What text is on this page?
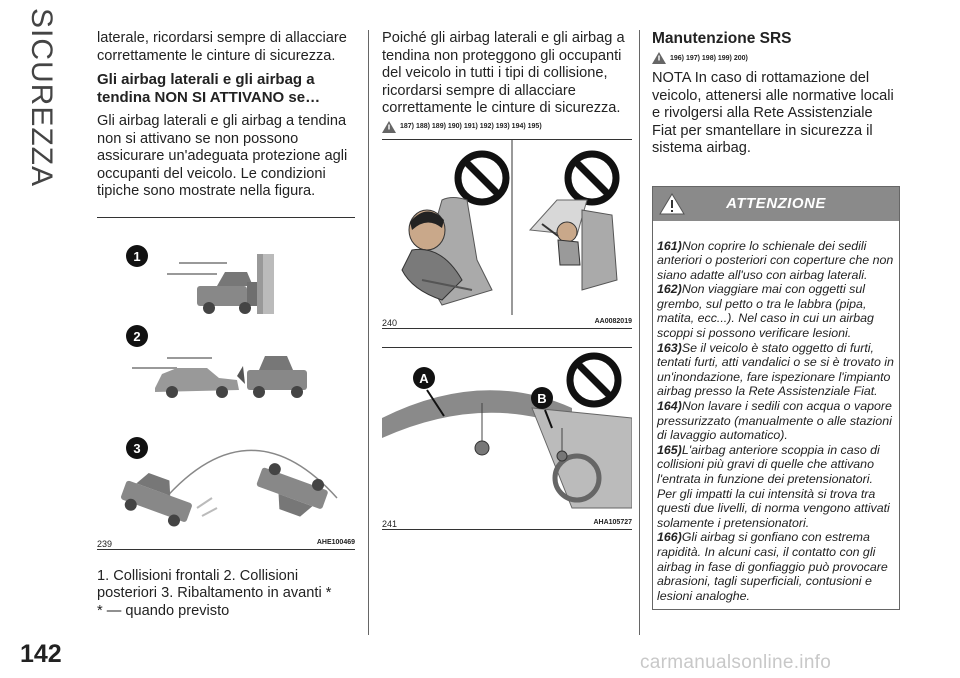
SICUREZZA
142

laterale, ricordarsi sempre di allacciare correttamente le cinture di sicurezza.

Gli airbag laterali e gli airbag a tendina NON SI ATTIVANO se…

Gli airbag laterali e gli airbag a tendina non si attivano se non possono assicurare un'adeguata protezione agli occupanti del veicolo. Le condizioni tipiche sono mostrate nella figura.

1
2
3
239	AHE100469

1. Collisioni frontali 2. Collisioni posteriori 3. Ribaltamento in avanti *

* — quando previsto

Poiché gli airbag laterali e gli airbag a tendina non proteggono gli occupanti del veicolo in tutti i tipi di collisione, ricordarsi sempre di allacciare correttamente le cinture di sicurezza.

187) 188) 189) 190) 191) 192) 193) 194) 195)
240	AA0082019
A
B
241	AHA105727

Manutenzione SRS

196) 197) 198) 199) 200)

NOTA In caso di rottamazione del veicolo, attenersi alle normative locali e rivolgersi alla Rete Assistenziale Fiat per smantellare in sicurezza il sistema airbag.

ATTENZIONE

161)Non coprire lo schienale dei sedili anteriori o posteriori con coperture che non siano adatte all'uso con airbag laterali.

162)Non viaggiare mai con oggetti sul grembo, sul petto o tra le labbra (pipa, matita, ecc...). Nel caso in cui un airbag scoppi si possono verificare lesioni.

163)Se il veicolo è stato oggetto di furti, tentati furti, atti vandalici o se si è trovato in un'inondazione, fare ispezionare l'impianto airbag presso la Rete Assistenziale Fiat.

164)Non lavare i sedili con acqua o vapore pressurizzato (manualmente o alle stazioni di lavaggio automatico).

165)L'airbag anteriore scoppia in caso di collisioni più gravi di quelle che attivano l'entrata in funzione dei pretensionatori. Per gli impatti la cui intensità si trova tra questi due livelli, di norma vengono attivati solamente i pretensionatori.

166)Gli airbag si gonfiano con estrema rapidità. In alcuni casi, il contatto con gli airbag in fase di gonfiaggio può provocare abrasioni, tagli superficiali, contusioni e lesioni analoghe.

carmanualsonline.info
